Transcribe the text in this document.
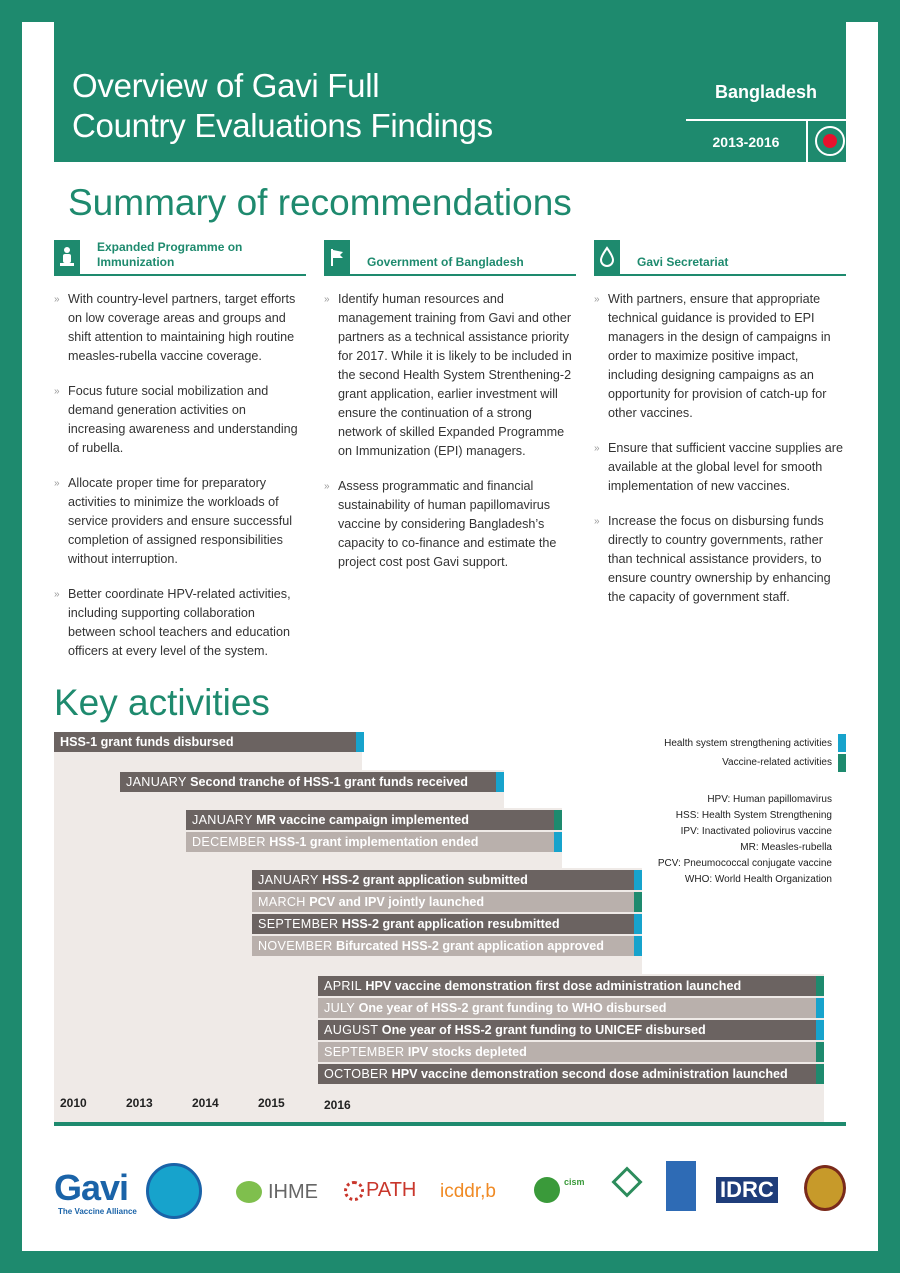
Overview of Gavi Full
Country Evaluations Findings
Bangladesh
2013-2016
Summary of recommendations
Expanded Programme on Immunization
» With country-level partners, target efforts on low coverage areas and groups and shift attention to maintaining high routine measles-rubella vaccine coverage.
» Focus future social mobilization and demand generation activities on increasing awareness and understanding of rubella.
» Allocate proper time for preparatory activities to minimize the workloads of service providers and ensure successful completion of assigned responsibilities without interruption.
» Better coordinate HPV-related activities, including supporting collaboration between school teachers and education officers at every level of the system.
Government of Bangladesh
» Identify human resources and management training from Gavi and other partners as a technical assistance priority for 2017. While it is likely to be included in the second Health System Strenthening-2 grant application, earlier investment will ensure the continuation of a strong network of skilled Expanded Programme on Immunization (EPI) managers.
» Assess programmatic and financial sustainability of human papillomavirus vaccine by considering Bangladesh’s capacity to co-finance and estimate the project cost post Gavi support.
Gavi Secretariat
» With partners, ensure that appropriate technical guidance is provided to EPI managers in the design of campaigns in order to maximize positive impact, including designing campaigns as an opportunity for provision of catch-up for other vaccines.
» Ensure that sufficient vaccine supplies are available at the global level for smooth implementation of new vaccines.
» Increase the focus on disbursing funds directly to country governments, rather than technical assistance providers, to ensure country ownership by enhancing the capacity of government staff.
Key activities
HSS-1 grant funds disbursed
JANUARY Second tranche of HSS-1 grant funds received
JANUARY MR vaccine campaign implemented
DECEMBER HSS-1 grant implementation ended
JANUARY HSS-2 grant application submitted
MARCH PCV and IPV jointly launched
SEPTEMBER HSS-2 grant application resubmitted
NOVEMBER Bifurcated HSS-2 grant application approved
APRIL HPV vaccine demonstration first dose administration launched
JULY One year of HSS-2 grant funding to WHO disbursed
AUGUST One year of HSS-2 grant funding to UNICEF disbursed
SEPTEMBER IPV stocks depleted
OCTOBER HPV vaccine demonstration second dose administration launched
2010	2013	2014	2015	2016
Health system strengthening activities
Vaccine-related activities
HPV: Human papillomavirus
HSS: Health System Strengthening
IPV: Inactivated poliovirus vaccine
MR: Measles-rubella
PCV: Pneumococcal conjugate vaccine
WHO: World Health Organization
Gavi
The Vaccine Alliance
IHME PATH icddr,b	cism	IDRC
